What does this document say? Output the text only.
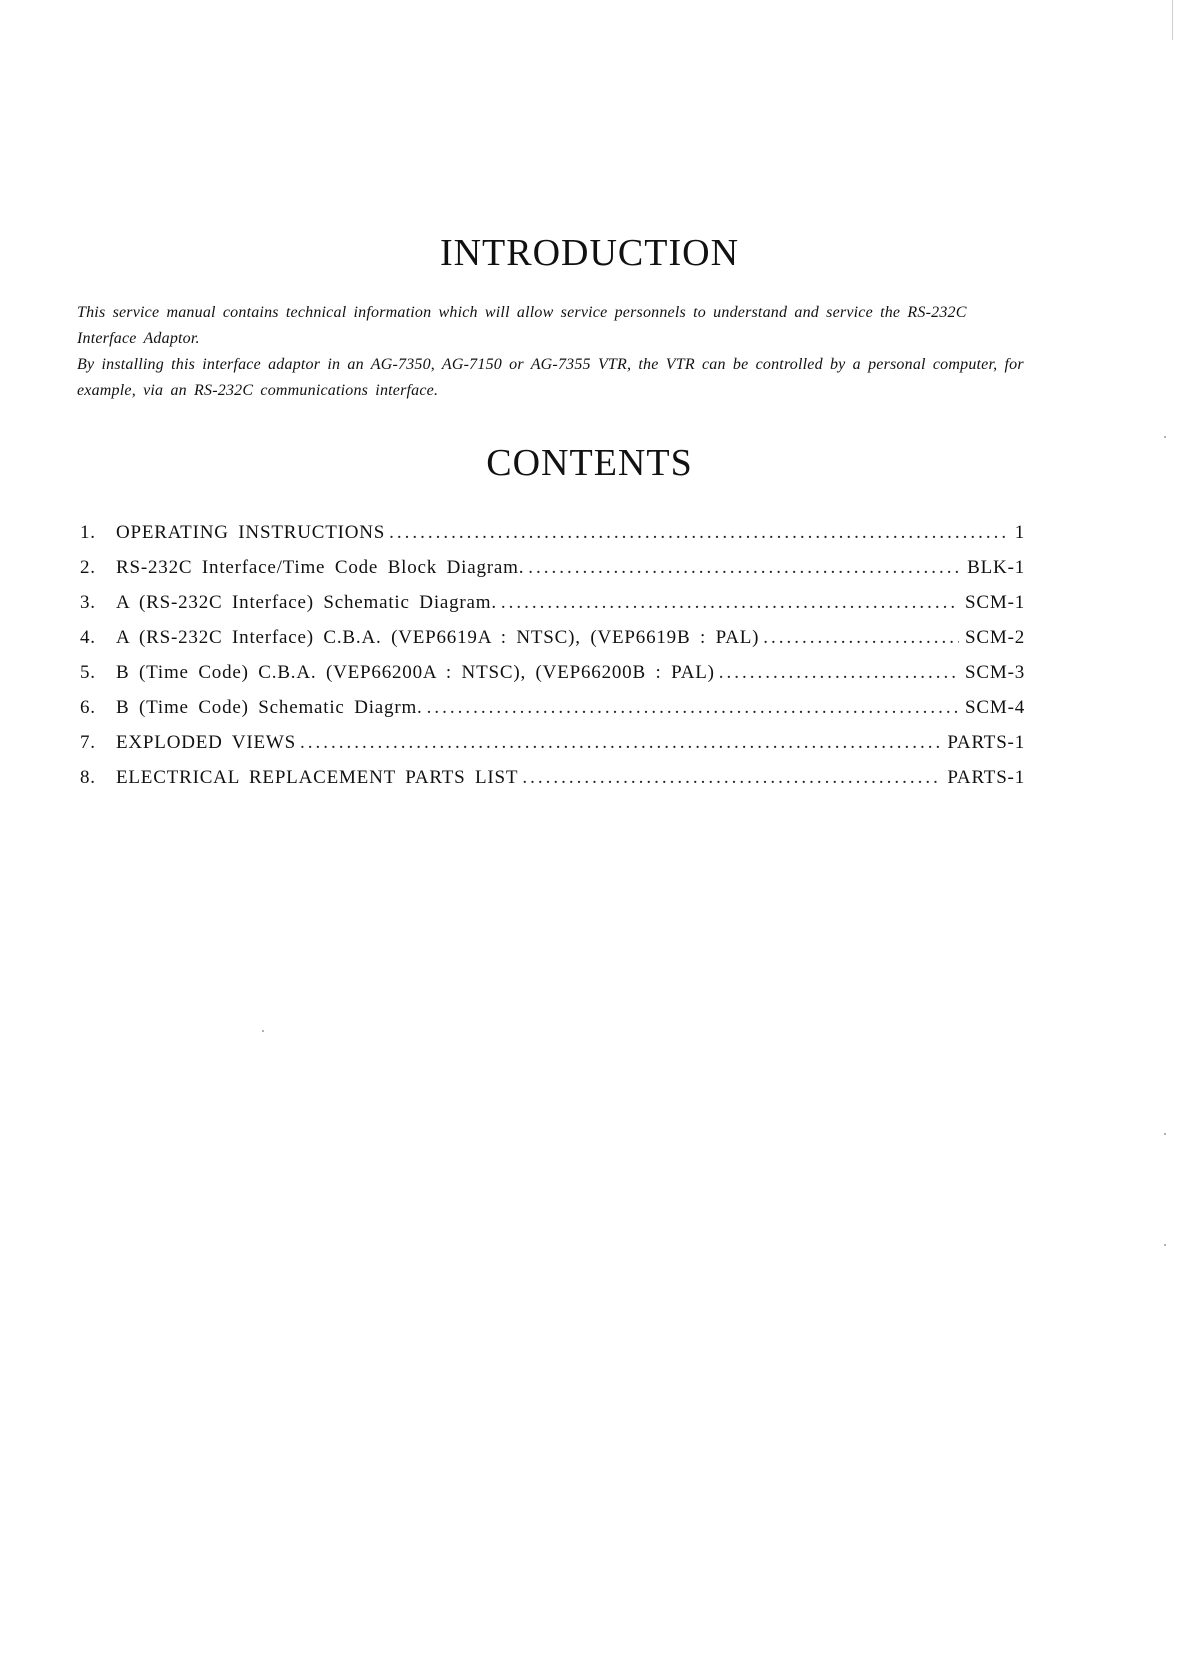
INTRODUCTION

This service manual contains technical information which will allow service personnels to understand and service the RS-232C Interface Adaptor.

By installing this interface adaptor in an AG-7350, AG-7150 or AG-7355 VTR, the VTR can be controlled by a personal computer, for example, via an RS-232C communications interface.

CONTENTS
1.	OPERATING INSTRUCTIONS .....	1
2.	RS-232C Interface/Time Code Block Diagram. .....	BLK-1
3.	A (RS-232C Interface) Schematic Diagram. .....	SCM-1
4.	A (RS-232C Interface) C.B.A. (VEP6619A : NTSC), (VEP6619B : PAL) .....	SCM-2
5.	B (Time Code) C.B.A. (VEP66200A : NTSC), (VEP66200B : PAL) .....	SCM-3
6.	B (Time Code) Schematic Diagrm. .....	SCM-4
7.	EXPLODED VIEWS .....	PARTS-1
8.	ELECTRICAL REPLACEMENT PARTS LIST .....	PARTS-1
